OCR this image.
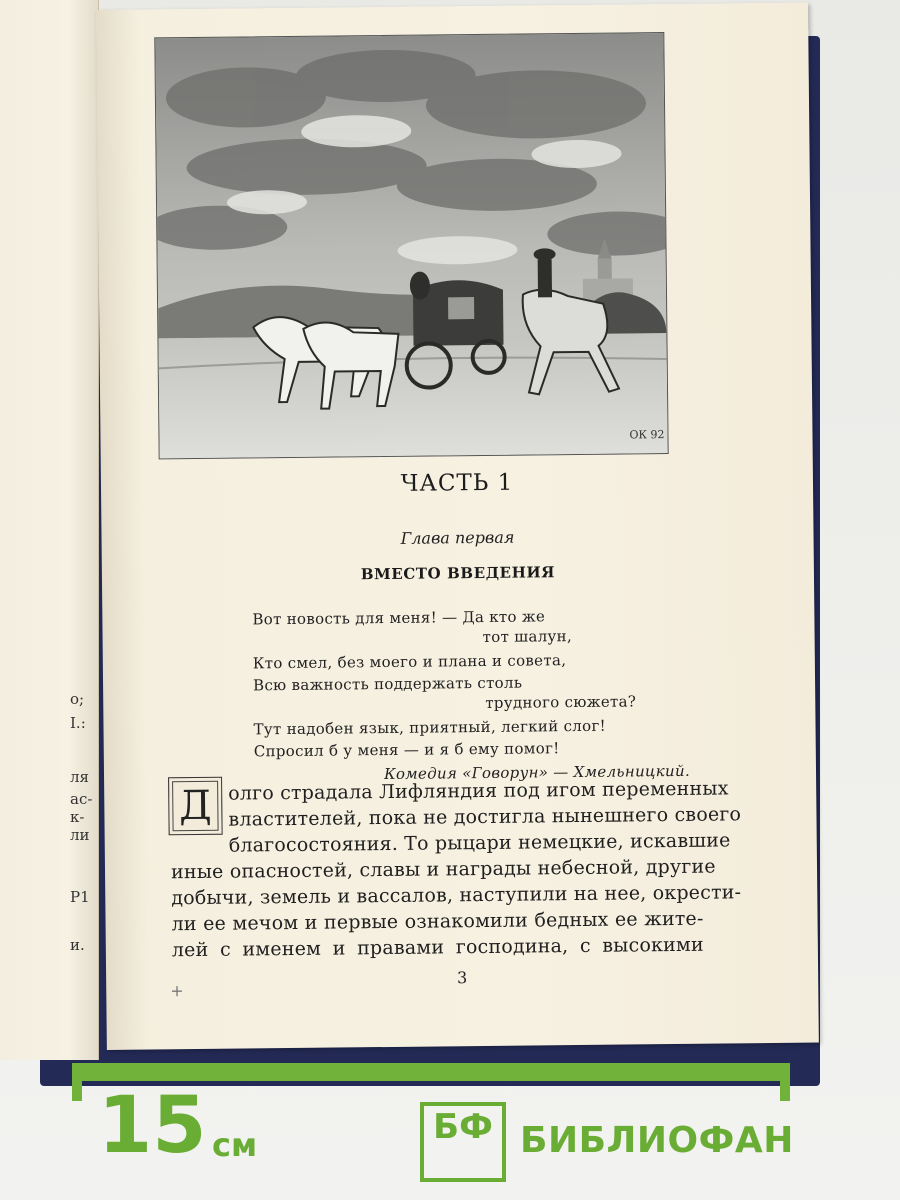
о;
I.:
ля
ас-
к-
ли
Р1
и.
ОК 92
ЧАСТЬ 1
Глава первая
ВМЕСТО ВВЕДЕНИЯ
Вот новость для меня! — Да кто же
тот шалун,
Кто смел, без моего и плана и совета,
Всю важность поддержать столь
трудного сюжета?
Тут надобен язык, приятный, легкий слог!
Спросил б у меня — и я б ему помог!
Комедия «Говорун» — Хмельницкий.
Д олго страдала Лифляндия под игом переменных
властителей, пока не достигла нынешнего своего
благосостояния. То рыцари немецкие, искавшие
иные опасностей, славы и награды небесной, другие
добычи, земель и вассалов, наступили на нее, окрести-
ли ее мечом и первые ознакомили бедных ее жите-
лей с именем и правами господина, с высокими
3
+
15 см	БФ БИБЛИОФАН
